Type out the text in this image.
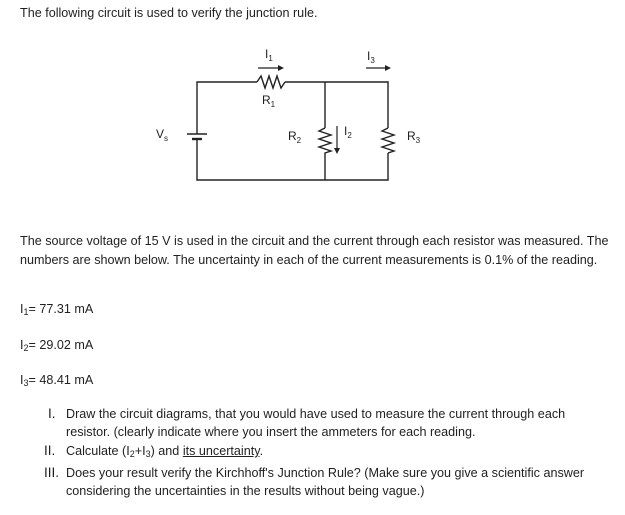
The following circuit is used to verify the junction rule.

$V_s$
$R_1$
$R_2$	$R_3$
$I_1$	$I_3$
$I_2$

The source voltage of 15 V is used in the circuit and the current through each resistor was measured. The numbers are shown below. The uncertainty in each of the current measurements is 0.1% of the reading.

$I_1= 77.31$ mA

$I_2= 29.02$ mA

$I_3= 48.41$ mA

I. Draw the circuit diagrams, that you would have used to measure the current through each resistor. (clearly indicate where you insert the ammeters for each reading.
II. Calculate $(I_2+I_3)$ and its uncertainty.
III. Does your result verify the Kirchhoff's Junction Rule? (Make sure you give a scientific answer considering the uncertainties in the results without being vague.)
